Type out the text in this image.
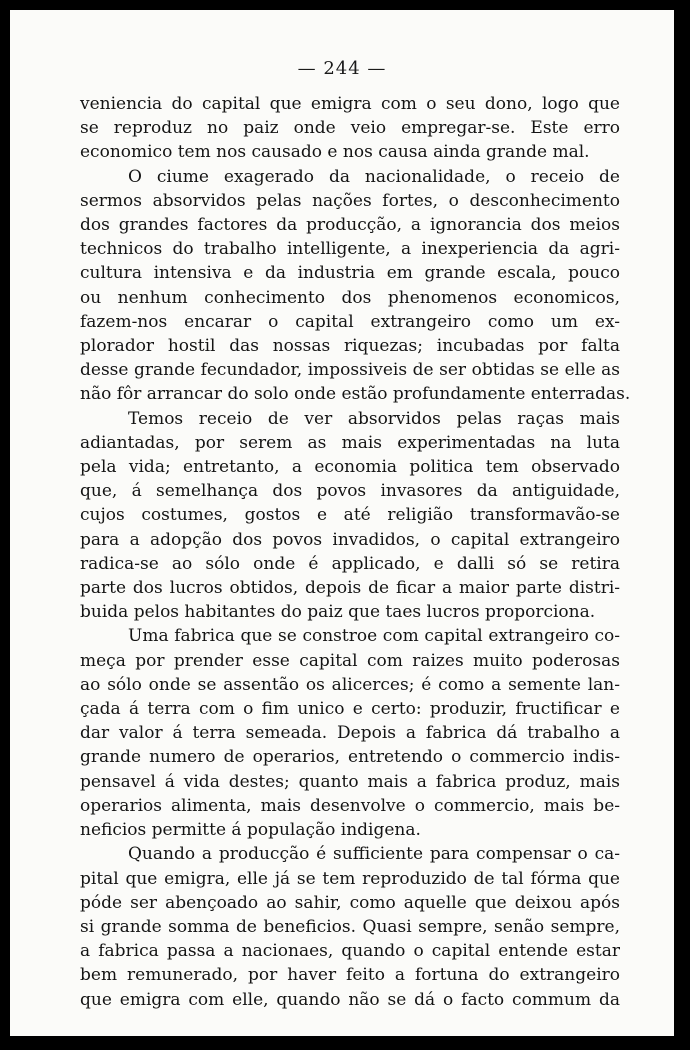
— 244 —
veniencia do capital que emigra com o seu dono, logo que
se reproduz no paiz onde veio empregar-se. Este erro
economico tem nos causado e nos causa ainda grande mal.
O ciume exagerado da nacionalidade, o receio de
sermos absorvidos pelas nações fortes, o desconhecimento
dos grandes factores da producção, a ignorancia dos meios
technicos do trabalho intelligente, a inexperiencia da agri-
cultura intensiva e da industria em grande escala, pouco
ou nenhum conhecimento dos phenomenos economicos,
fazem-nos encarar o capital extrangeiro como um ex-
plorador hostil das nossas riquezas; incubadas por falta
desse grande fecundador, impossiveis de ser obtidas se elle as
não fôr arrancar do solo onde estão profundamente enterradas.
Temos receio de ver absorvidos pelas raças mais
adiantadas, por serem as mais experimentadas na luta
pela vida; entretanto, a economia politica tem observado
que, á semelhança dos povos invasores da antiguidade,
cujos costumes, gostos e até religião transformavão-se
para a adopção dos povos invadidos, o capital extrangeiro
radica-se ao sólo onde é applicado, e dalli só se retira
parte dos lucros obtidos, depois de ficar a maior parte distri-
buida pelos habitantes do paiz que taes lucros proporciona.
Uma fabrica que se constroe com capital extrangeiro co-
meça por prender esse capital com raizes muito poderosas
ao sólo onde se assentão os alicerces; é como a semente lan-
çada á terra com o fim unico e certo: produzir, fructificar e
dar valor á terra semeada. Depois a fabrica dá trabalho a
grande numero de operarios, entretendo o commercio indis-
pensavel á vida destes; quanto mais a fabrica produz, mais
operarios alimenta, mais desenvolve o commercio, mais be-
neficios permitte á população indigena.
Quando a producção é sufficiente para compensar o ca-
pital que emigra, elle já se tem reproduzido de tal fórma que
póde ser abençoado ao sahir, como aquelle que deixou após
si grande somma de beneficios. Quasi sempre, senão sempre,
a fabrica passa a nacionaes, quando o capital entende estar
bem remunerado, por haver feito a fortuna do extrangeiro
que emigra com elle, quando não se dá o facto commum da
